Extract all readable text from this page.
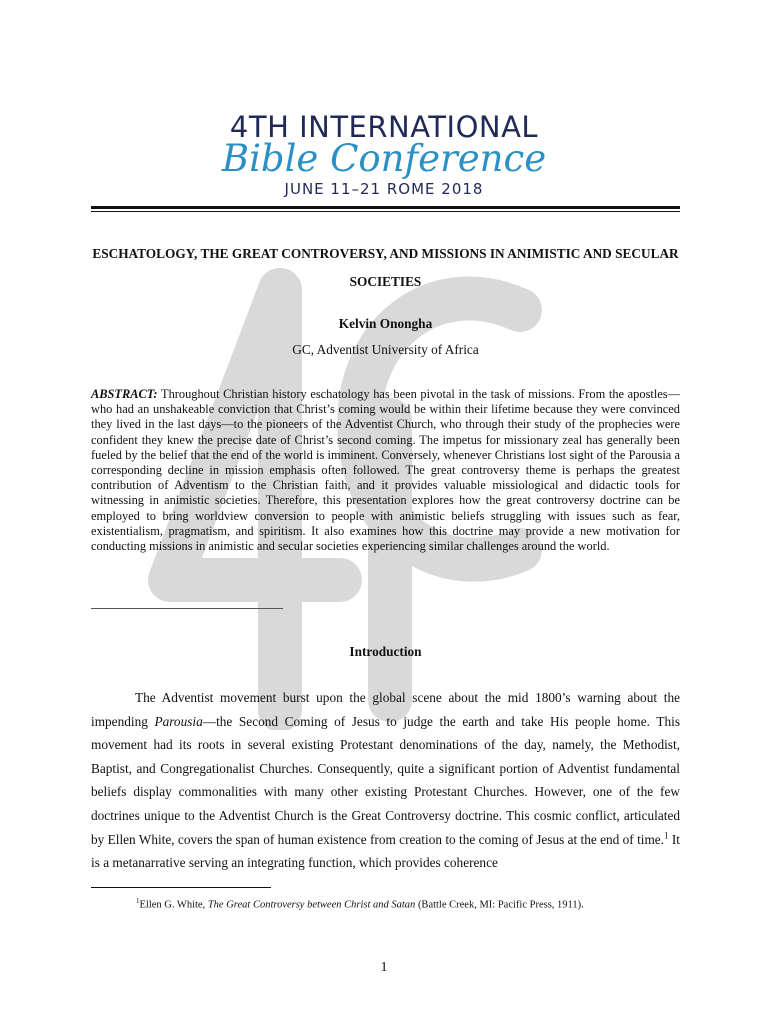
4TH INTERNATIONAL
Bible Conference
JUNE 11–21 ROME 2018
ESCHATOLOGY, THE GREAT CONTROVERSY, AND MISSIONS IN ANIMISTIC AND SECULAR SOCIETIES
Kelvin Onongha
GC, Adventist University of Africa
ABSTRACT: Throughout Christian history eschatology has been pivotal in the task of missions. From the apostles—who had an unshakeable conviction that Christ’s coming would be within their lifetime because they were convinced they lived in the last days—to the pioneers of the Adventist Church, who through their study of the prophecies were confident they knew the precise date of Christ’s second coming. The impetus for missionary zeal has generally been fueled by the belief that the end of the world is imminent. Conversely, whenever Christians lost sight of the Parousia a corresponding decline in mission emphasis often followed. The great controversy theme is perhaps the greatest contribution of Adventism to the Christian faith, and it provides valuable missiological and didactic tools for witnessing in animistic societies. Therefore, this presentation explores how the great controversy doctrine can be employed to bring worldview conversion to people with animistic beliefs struggling with issues such as fear, existentialism, pragmatism, and spiritism. It also examines how this doctrine may provide a new motivation for conducting missions in animistic and secular societies experiencing similar challenges around the world.
Introduction
The Adventist movement burst upon the global scene about the mid 1800’s warning about the impending Parousia—the Second Coming of Jesus to judge the earth and take His people home. This movement had its roots in several existing Protestant denominations of the day, namely, the Methodist, Baptist, and Congregationalist Churches. Consequently, quite a significant portion of Adventist fundamental beliefs display commonalities with many other existing Protestant Churches. However, one of the few doctrines unique to the Adventist Church is the Great Controversy doctrine. This cosmic conflict, articulated by Ellen White, covers the span of human existence from creation to the coming of Jesus at the end of time.$^1$ It is a metanarrative serving an integrating function, which provides coherence
$^1$Ellen G. White, The Great Controversy between Christ and Satan (Battle Creek, MI: Pacific Press, 1911).
1
